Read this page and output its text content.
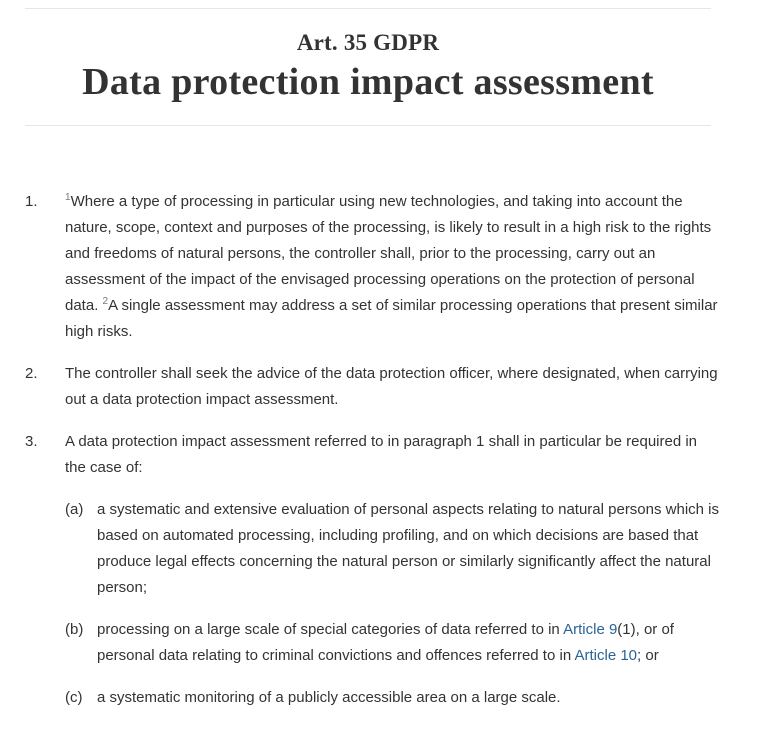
Art. 35 GDPR
Data protection impact assessment
1.	$^1$Where a type of processing in particular using new technologies, and taking into account the nature, scope, context and purposes of the processing, is likely to result in a high risk to the rights and freedoms of natural persons, the controller shall, prior to the processing, carry out an assessment of the impact of the envisaged processing operations on the protection of personal data. $^2$A single assessment may address a set of similar processing operations that present similar high risks.
2. The controller shall seek the advice of the data protection officer, where designated, when carrying out a data protection impact assessment.
3. A data protection impact assessment referred to in paragraph 1 shall in particular be required in the case of:
(a) a systematic and extensive evaluation of personal aspects relating to natural persons which is based on automated processing, including profiling, and on which decisions are based that produce legal effects concerning the natural person or similarly significantly affect the natural person;
(b) processing on a large scale of special categories of data referred to in Article 9(1), or of personal data relating to criminal convictions and offences referred to in Article 10; or
(c) a systematic monitoring of a publicly accessible area on a large scale.
